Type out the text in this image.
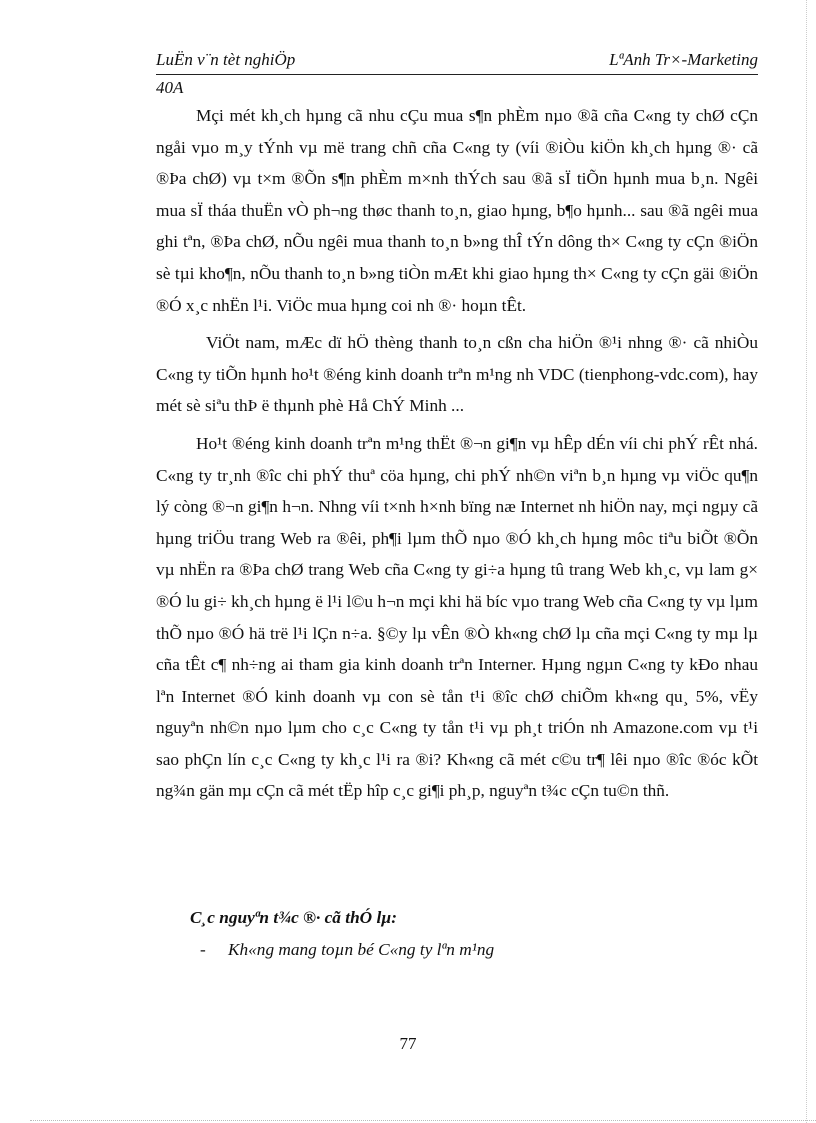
LuËn v¨n tèt nghiÖp	LªAnh Tr×-Marketing
40A

Mçi mét kh¸ch hµng cã nhu cÇu mua s¶n phÈm nµo ®ã cña C«ng ty chØ cÇn ngåi vµo m¸y tÝnh vµ më trang chñ cña C«ng ty (víi ®iÒu kiÖn kh¸ch hµng ®· cã ®Þa chØ) vµ t×m ®Õn s¶n phÈm m×nh thÝch sau ®ã sÏ tiÕn hµnh mua b¸n. Ngêi mua sÏ tháa thuËn vÒ ph¬ng thøc thanh to¸n, giao hµng, b¶o hµnh... sau ®ã ngêi mua ghi tªn, ®Þa chØ, nÕu ngêi mua thanh to¸n b»ng thÎ tÝn dông th× C«ng ty cÇn ®iÖn sè tµi kho¶n, nÕu thanh to¸n b»ng tiÒn mÆt khi giao hµng th× C«ng ty cÇn gäi ®iÖn ®Ó x¸c nhËn l¹i. ViÖc mua hµng coi nh ®· hoµn tÊt.

ViÖt nam, mÆc dï hÖ thèng thanh to¸n cßn cha hiÖn ®¹i nhng ®· cã nhiÒu C«ng ty tiÕn hµnh ho¹t ®éng kinh doanh trªn m¹ng nh VDC (tienphong-vdc.com), hay mét sè siªu thÞ ë thµnh phè Hå ChÝ Minh ...

Ho¹t ®éng kinh doanh trªn m¹ng thËt ®¬n gi¶n vµ hÊp dÉn víi chi phÝ rÊt nhá. C«ng ty tr¸nh ®îc chi phÝ thuª cöa hµng, chi phÝ nh©n viªn b¸n hµng vµ viÖc qu¶n lý còng ®¬n gi¶n h¬n. Nhng víi t×nh h×nh bïng næ Internet nh hiÖn nay, mçi ngµy cã hµng triÖu trang Web ra ®êi, ph¶i lµm thÕ nµo ®Ó kh¸ch hµng môc tiªu biÕt ®Õn vµ nhËn ra ®Þa chØ trang Web cña C«ng ty gi÷a hµng tû trang Web kh¸c, vµ lam g× ®Ó lu gi÷ kh¸ch hµng ë l¹i l©u h¬n mçi khi hä bíc vµo trang Web cña C«ng ty vµ lµm thÕ nµo ®Ó hä trë l¹i lÇn n÷a. §©y lµ vÊn ®Ò kh«ng chØ lµ cña mçi C«ng ty mµ lµ cña tÊt c¶ nh÷ng ai tham gia kinh doanh trªn Interner. Hµng ngµn C«ng ty kÐo nhau lªn Internet ®Ó kinh doanh vµ con sè tån t¹i ®îc chØ chiÕm kh«ng qu¸ 5%, vËy nguyªn nh©n nµo lµm cho c¸c C«ng ty tån t¹i vµ ph¸t triÓn nh Amazone.com vµ t¹i sao phÇn lín c¸c C«ng ty kh¸c l¹i ra ®i? Kh«ng cã mét c©u tr¶ lêi nµo ®îc ®óc kÕt ng¾n gän mµ cÇn cã mét tËp hîp c¸c gi¶i ph¸p, nguyªn t¾c cÇn tu©n thñ.

C¸c nguyªn t¾c ®· cã thÓ lµ:
- Kh«ng mang toµn bé C«ng ty lªn m¹ng
77
